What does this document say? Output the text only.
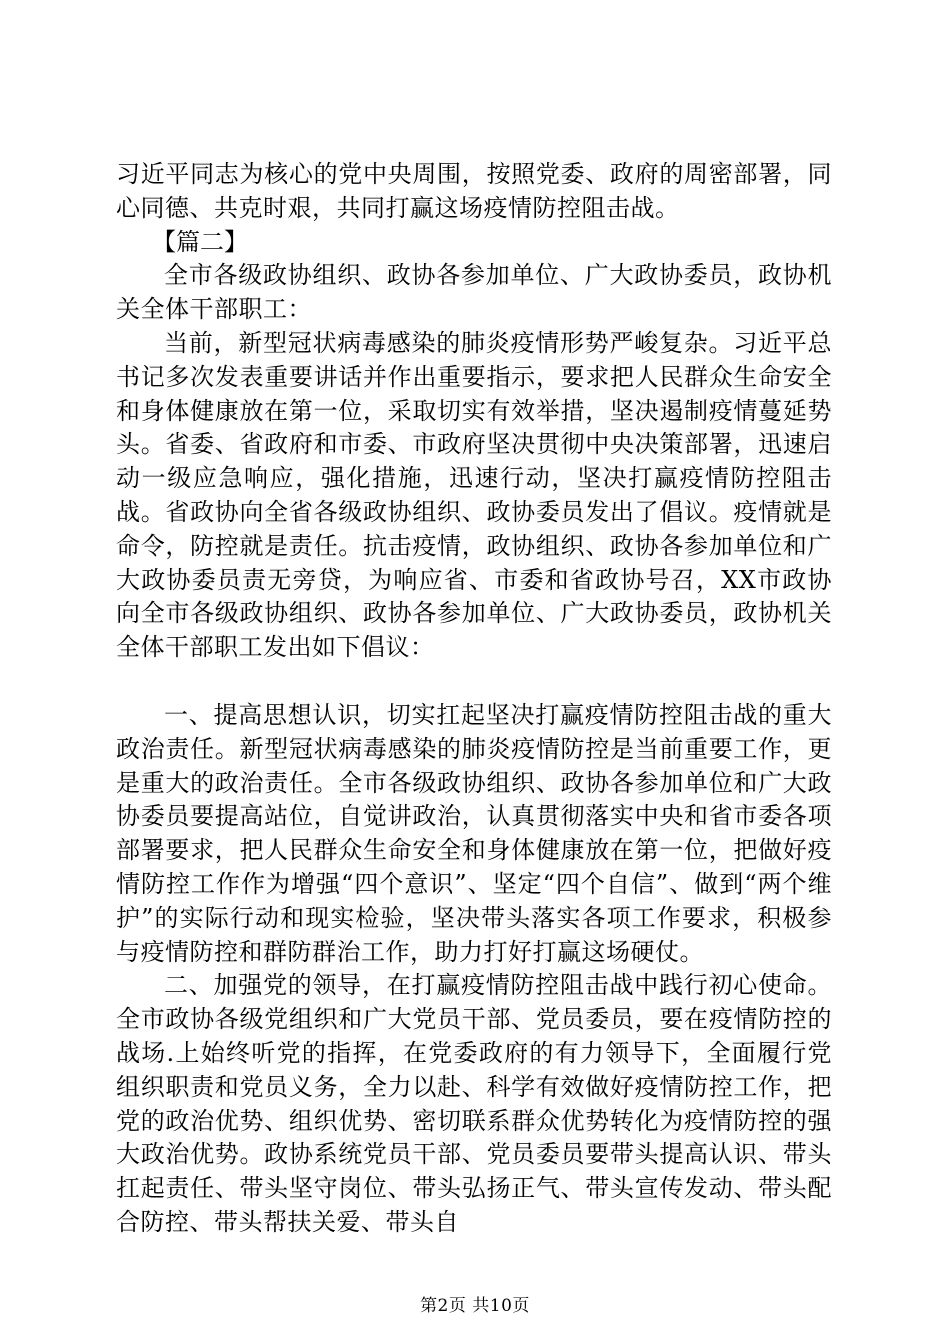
习近平同志为核心的党中央周围，按照党委、政府的周密部署，同心同德、共克时艰，共同打赢这场疫情防控阻击战。

【篇二】

全市各级政协组织、政协各参加单位、广大政协委员，政协机关全体干部职工：

当前，新型冠状病毒感染的肺炎疫情形势严峻复杂。习近平总书记多次发表重要讲话并作出重要指示，要求把人民群众生命安全和身体健康放在第一位，采取切实有效举措，坚决遏制疫情蔓延势头。省委、省政府和市委、市政府坚决贯彻中央决策部署，迅速启动一级应急响应，强化措施，迅速行动，坚决打赢疫情防控阻击战。省政协向全省各级政协组织、政协委员发出了倡议。疫情就是命令，防控就是责任。抗击疫情，政协组织、政协各参加单位和广大政协委员责无旁贷，为响应省、市委和省政协号召，XX市政协向全市各级政协组织、政协各参加单位、广大政协委员，政协机关全体干部职工发出如下倡议：

一、提高思想认识，切实扛起坚决打赢疫情防控阻击战的重大政治责任。新型冠状病毒感染的肺炎疫情防控是当前重要工作，更是重大的政治责任。全市各级政协组织、政协各参加单位和广大政协委员要提高站位，自觉讲政治，认真贯彻落实中央和省市委各项部署要求，把人民群众生命安全和身体健康放在第一位，把做好疫情防控工作作为增强“四个意识”、坚定“四个自信”、做到“两个维护”的实际行动和现实检验，坚决带头落实各项工作要求，积极参与疫情防控和群防群治工作，助力打好打赢这场硬仗。

二、加强党的领导，在打赢疫情防控阻击战中践行初心使命。全市政协各级党组织和广大党员干部、党员委员，要在疫情防控的战场.上始终听党的指挥，在党委政府的有力领导下，全面履行党组织职责和党员义务，全力以赴、科学有效做好疫情防控工作，把党的政治优势、组织优势、密切联系群众优势转化为疫情防控的强大政治优势。政协系统党员干部、党员委员要带头提高认识、带头扛起责任、带头坚守岗位、带头弘扬正气、带头宣传发动、带头配合防控、带头帮扶关爱、带头自

第2页 共10页
